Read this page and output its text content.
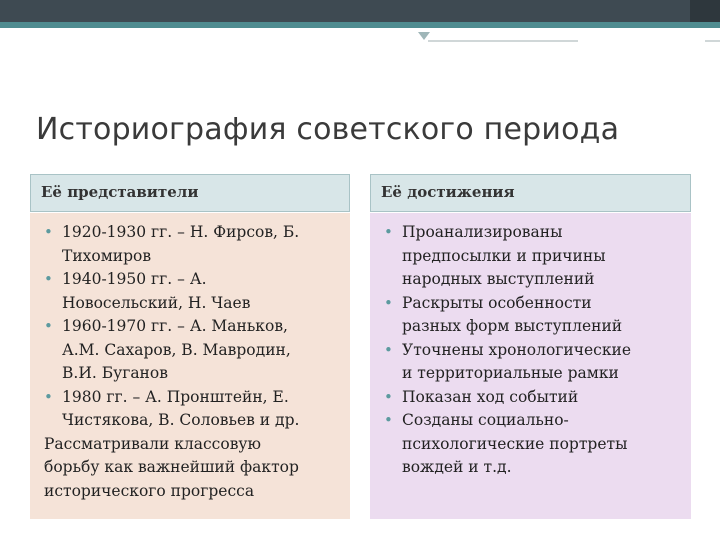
Историография советского периода
Её представители
• 1920-1930 гг. – Н. Фирсов, Б.
Тихомиров
• 1940-1950 гг. – А.
Новосельский, Н. Чаев
• 1960-1970 гг. – А. Маньков,
А.М. Сахаров, В. Мавродин,
В.И. Буганов
• 1980 гг. – А. Пронштейн, Е.
Чистякова, В. Соловьев и др.
Рассматривали классовую
борьбу как важнейший фактор
исторического прогресса
Её достижения
• Проанализированы
предпосылки и причины
народных выступлений
• Раскрыты особенности
разных форм выступлений
• Уточнены хронологические
и территориальные рамки
• Показан ход событий
• Созданы социально-
психологические портреты
вождей и т.д.
